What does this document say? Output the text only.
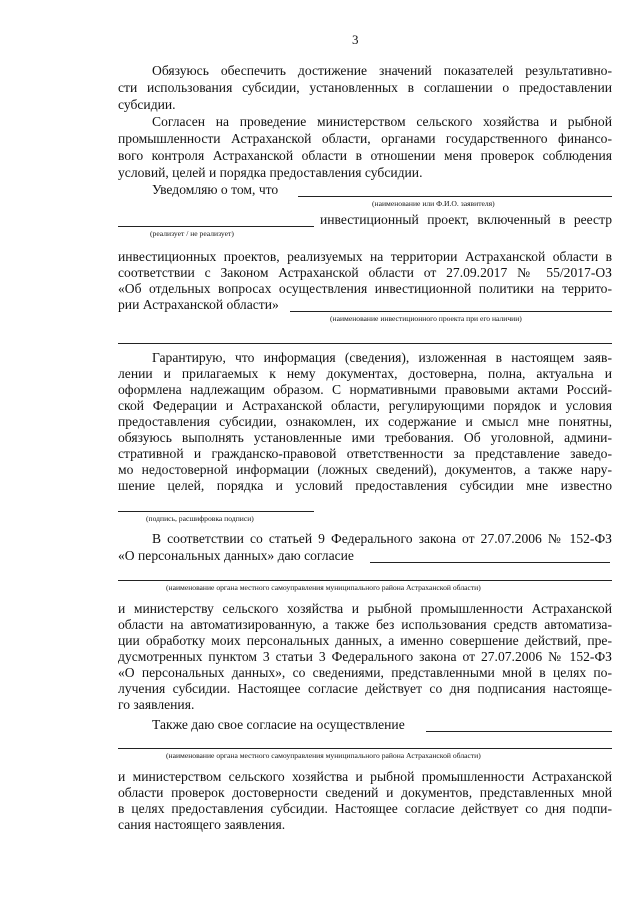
3
Обязуюсь обеспечить достижение значений показателей результативно-
сти использования субсидии, установленных в соглашении о предоставлении
субсидии.
Согласен на проведение министерством сельского хозяйства и рыбной
промышленности Астраханской области, органами государственного финансо-
вого контроля Астраханской области в отношении меня проверок соблюдения
условий, целей и порядка предоставления субсидии.
Уведомляю о том, что
(наименование или Ф.И.О. заявителя)
инвестиционный проект, включенный в реестр
(реализует / не реализует)
инвестиционных проектов, реализуемых на территории Астраханской области в
соответствии с Законом Астраханской области от 27.09.2017 № 55/2017-ОЗ
«Об отдельных вопросах осуществления инвестиционной политики на террито-
рии Астраханской области»
(наименование инвестиционного проекта при его наличии)
Гарантирую, что информация (сведения), изложенная в настоящем заяв-
лении и прилагаемых к нему документах, достоверна, полна, актуальна и
оформлена надлежащим образом. С нормативными правовыми актами Россий-
ской Федерации и Астраханской области, регулирующими порядок и условия
предоставления субсидии, ознакомлен, их содержание и смысл мне понятны,
обязуюсь выполнять установленные ими требования. Об уголовной, админи-
стративной и гражданско-правовой ответственности за представление заведо-
мо недостоверной информации (ложных сведений), документов, а также нару-
шение целей, порядка и условий предоставления субсидии мне известно
(подпись, расшифровка подписи)
В соответствии со статьей 9 Федерального закона от 27.07.2006 № 152-ФЗ
«О персональных данных» даю согласие
(наименование органа местного самоуправления муниципального района Астраханской области)
и министерству сельского хозяйства и рыбной промышленности Астраханской
области на автоматизированную, а также без использования средств автоматиза-
ции обработку моих персональных данных, а именно совершение действий, пре-
дусмотренных пунктом 3 статьи 3 Федерального закона от 27.07.2006 № 152-ФЗ
«О персональных данных», со сведениями, представленными мной в целях по-
лучения субсидии. Настоящее согласие действует со дня подписания настояще-
го заявления.
Также даю свое согласие на осуществление
(наименование органа местного самоуправления муниципального района Астраханской области)
и министерством сельского хозяйства и рыбной промышленности Астраханской
области проверок достоверности сведений и документов, представленных мной
в целях предоставления субсидии. Настоящее согласие действует со дня подпи-
сания настоящего заявления.
